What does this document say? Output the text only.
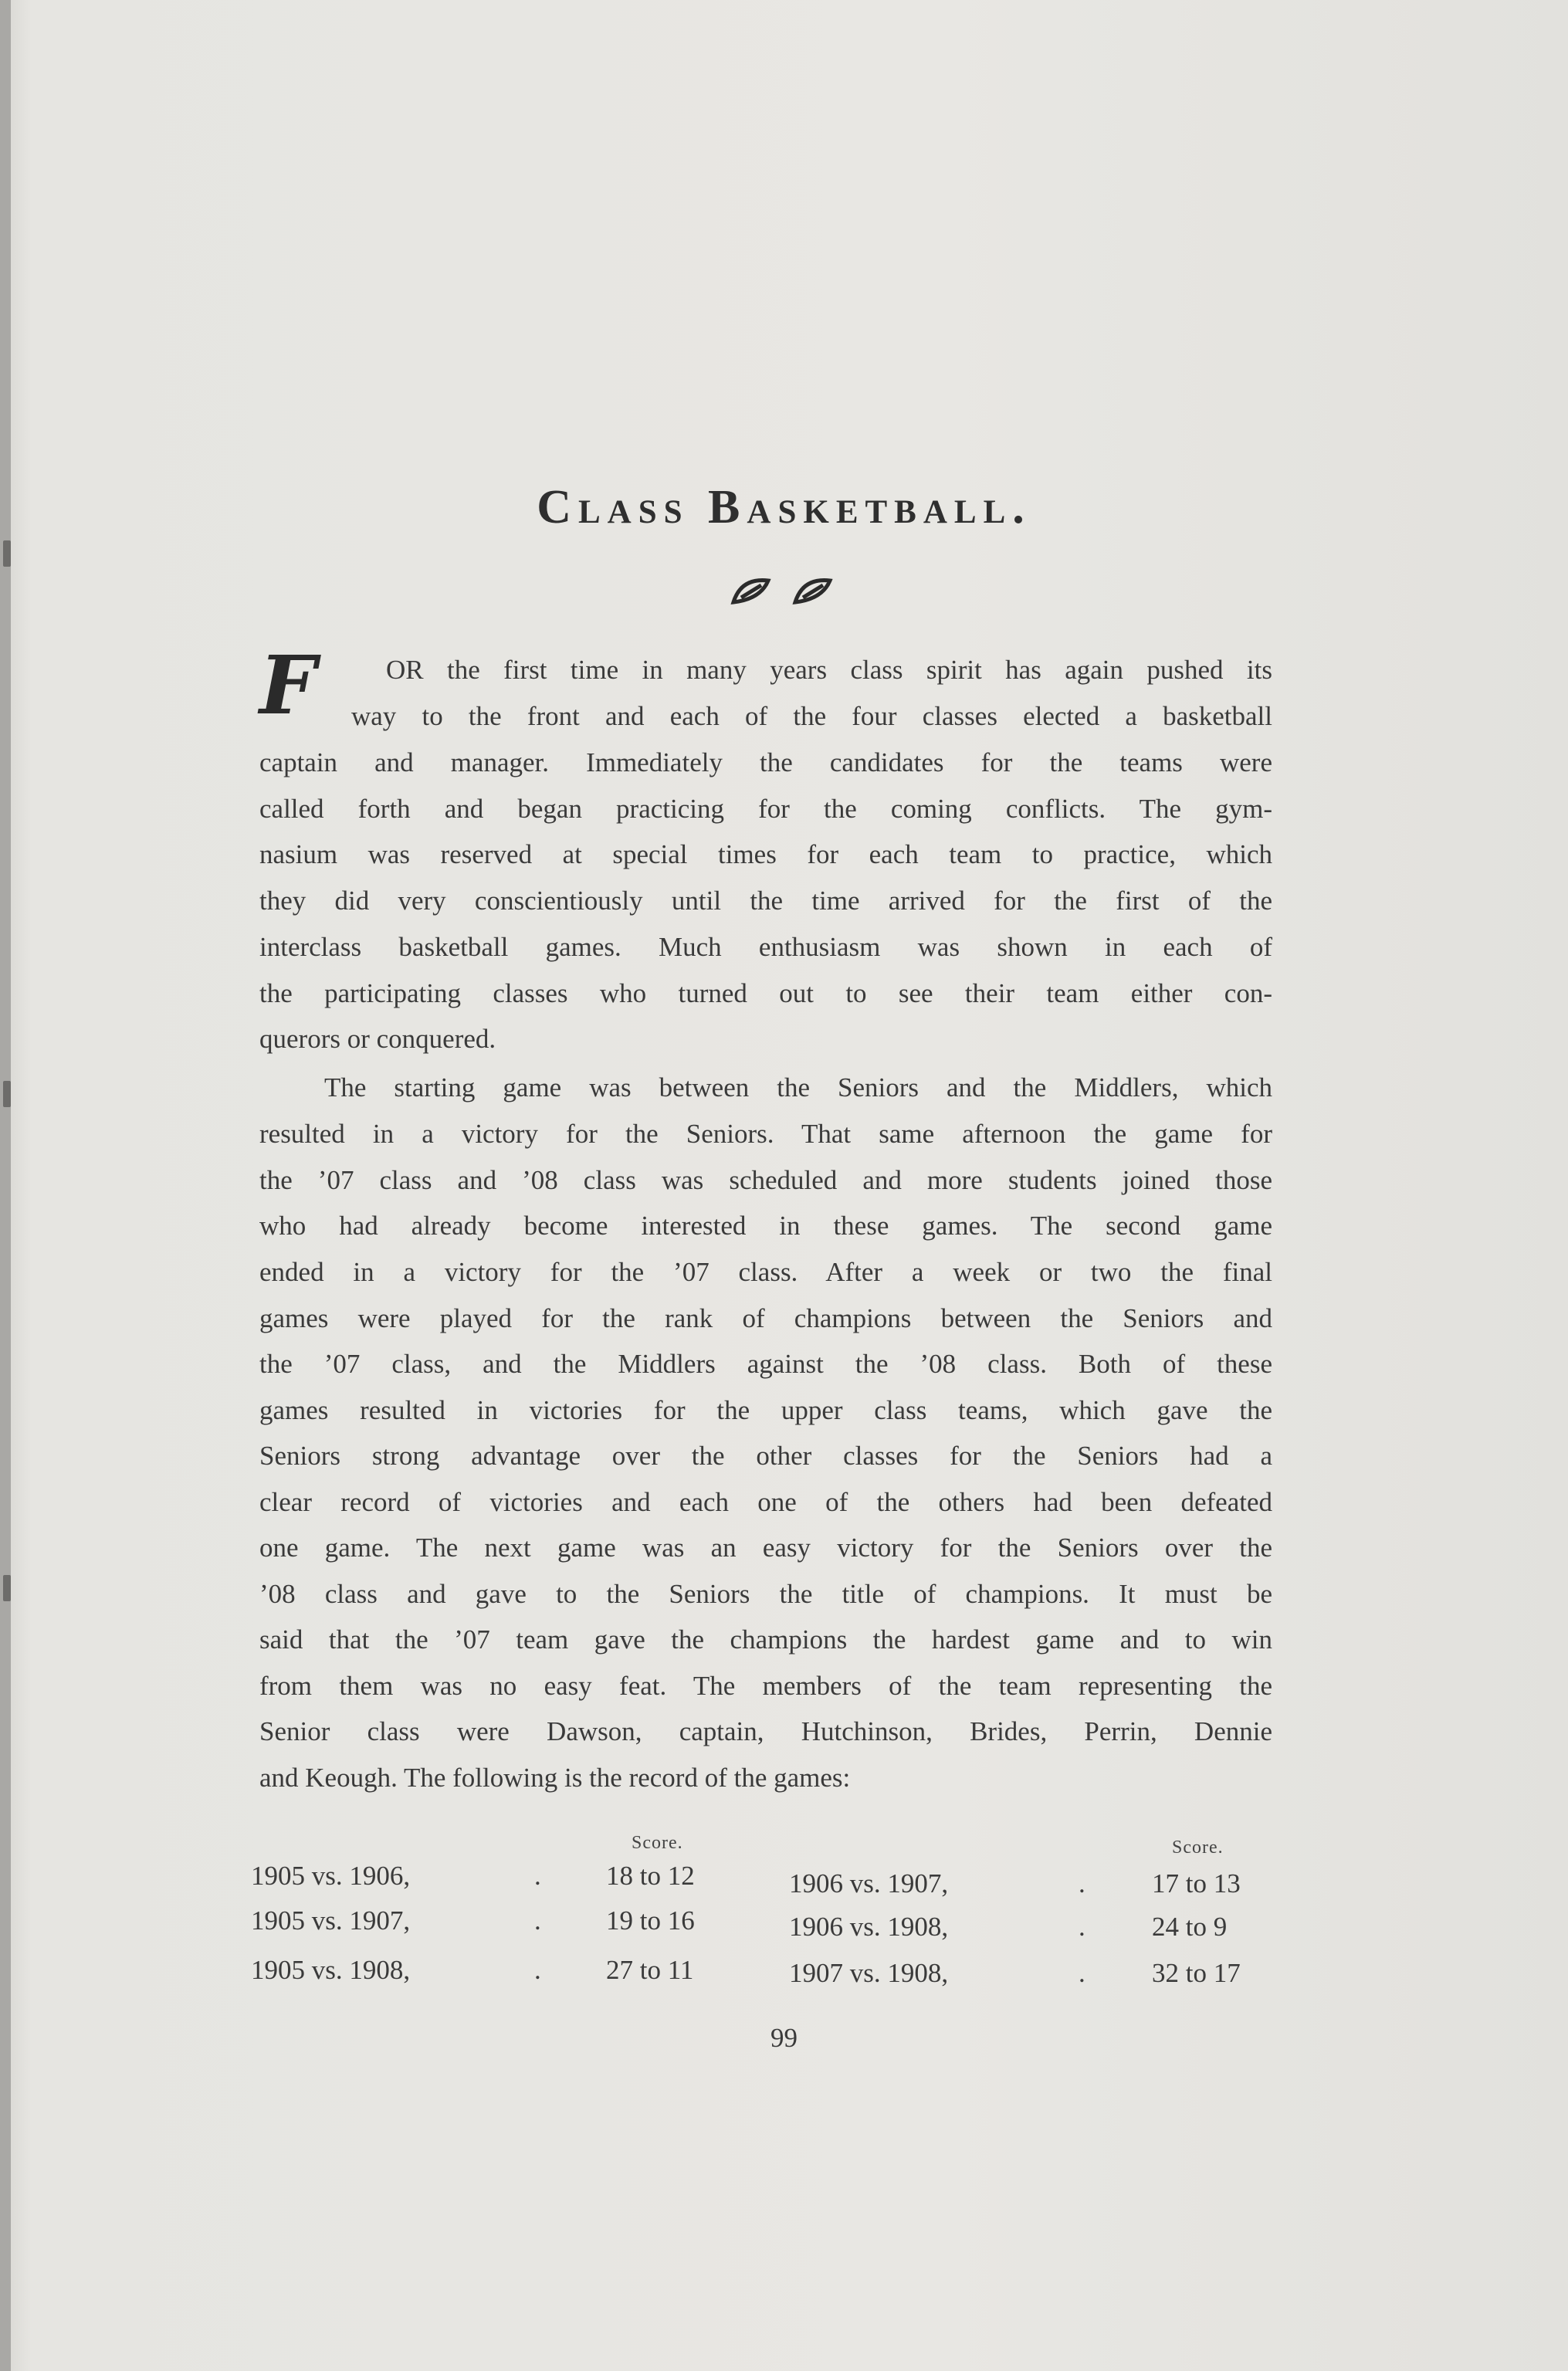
Class Basketball.
F	OR the first time in many years class spirit has again pushed its
way to the front and each of the four classes elected a basketball
captain and manager. Immediately the candidates for the teams were
called forth and began practicing for the coming conflicts. The gym-
nasium was reserved at special times for each team to practice, which
they did very conscientiously until the time arrived for the first of the
interclass basketball games. Much enthusiasm was shown in each of
the participating classes who turned out to see their team either con-
querors or conquered.
The starting game was between the Seniors and the Middlers, which
resulted in a victory for the Seniors. That same afternoon the game for
the ’07 class and ’08 class was scheduled and more students joined those
who had already become interested in these games. The second game
ended in a victory for the ’07 class. After a week or two the final
games were played for the rank of champions between the Seniors and
the ’07 class, and the Middlers against the ’08 class. Both of these
games resulted in victories for the upper class teams, which gave the
Seniors strong advantage over the other classes for the Seniors had a
clear record of victories and each one of the others had been defeated
one game. The next game was an easy victory for the Seniors over the
’08 class and gave to the Seniors the title of champions. It must be
said that the ’07 team gave the champions the hardest game and to win
from them was no easy feat. The members of the team representing the
Senior class were Dawson, captain, Hutchinson, Brides, Perrin, Dennie
and Keough. The following is the record of the games:
Score.	Score.
1905 vs. 1906,	. 18 to 12	1906 vs. 1907,	. 17 to 13
1905 vs. 1907,	. 19 to 16	1906 vs. 1908,	. 24 to 9
1905 vs. 1908,	. 27 to 11	1907 vs. 1908,	. 32 to 17
99
